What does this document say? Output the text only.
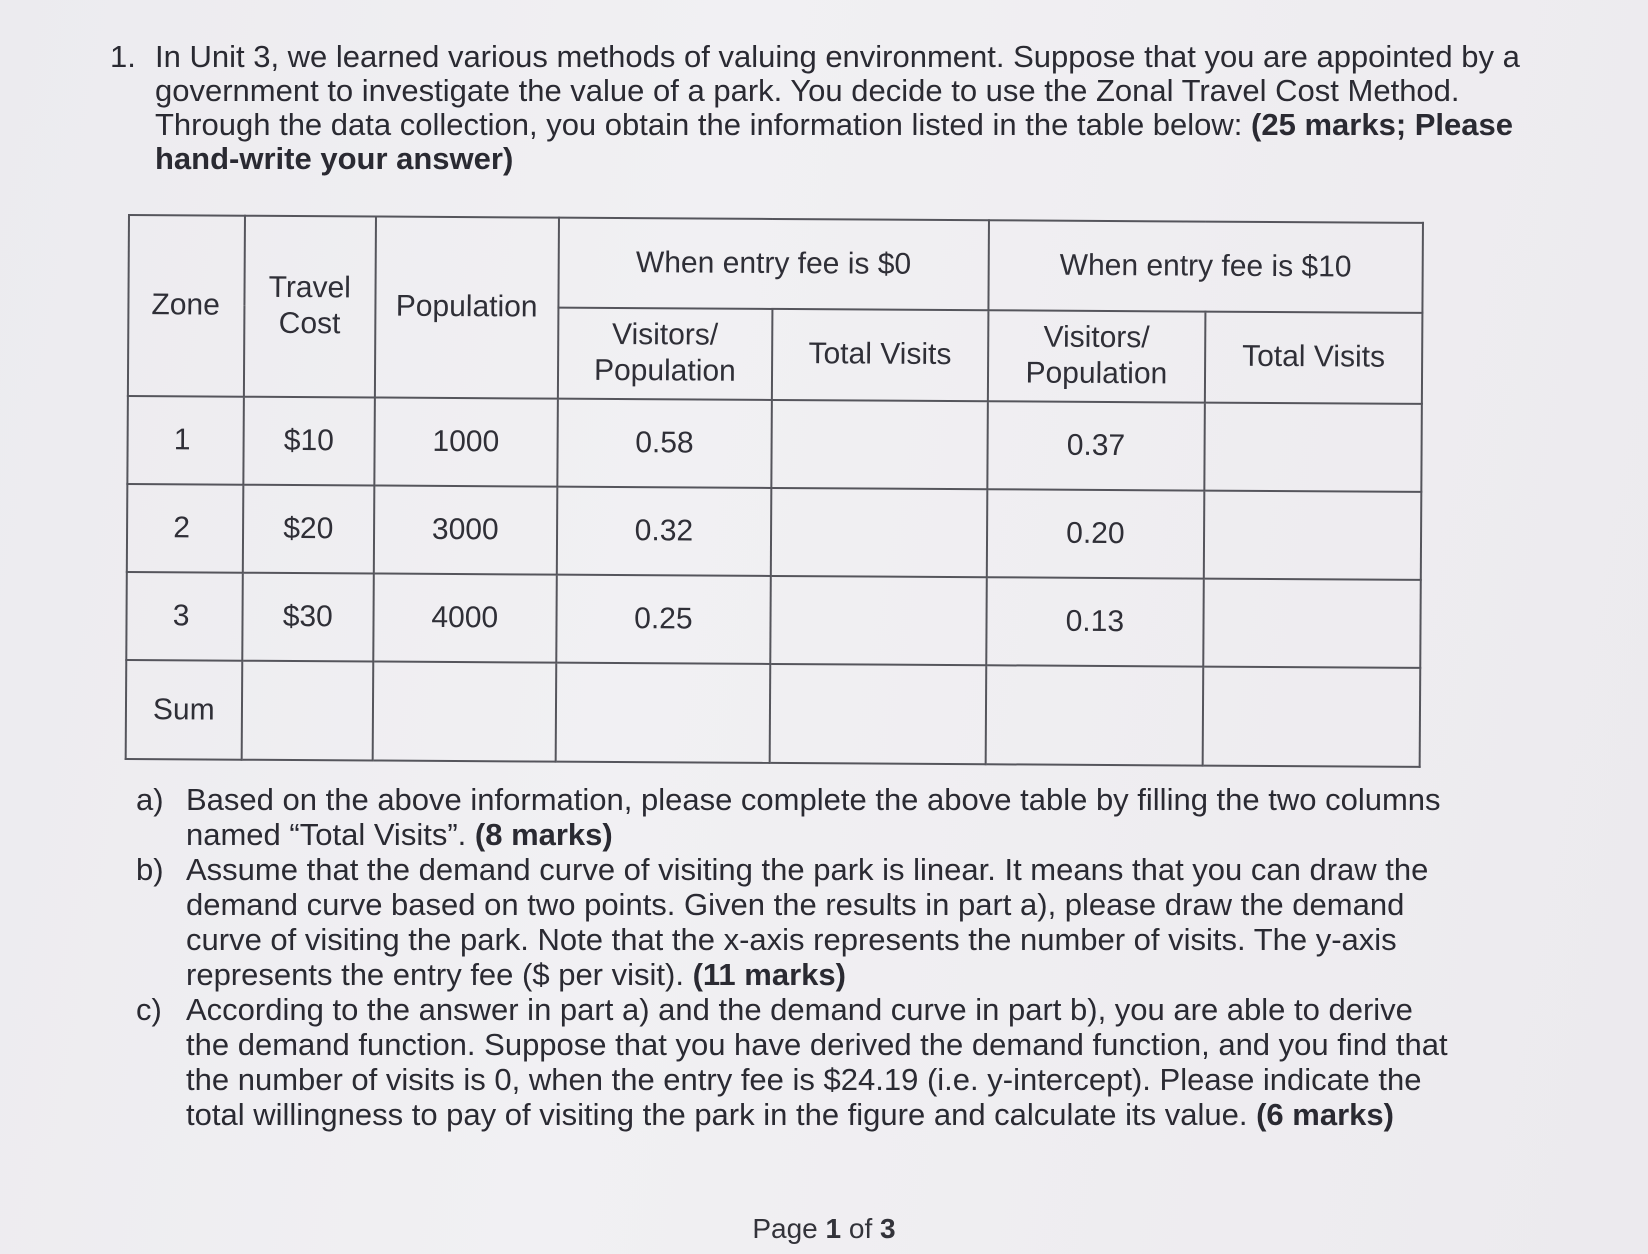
1. In Unit 3, we learned various methods of valuing environment. Suppose that you are appointed by a government to investigate the value of a park. You decide to use the Zonal Travel Cost Method. Through the data collection, you obtain the information listed in the table below: (25 marks; Please hand-write your answer)
Zone	Travel Cost	Population	When entry fee is $0		When entry fee is $10	
			Visitors/ Population	Total Visits	Visitors/ Population	Total Visits
1	$10	1000	0.58		0.37	
2	$20	3000	0.32		0.20	
3	$30	4000	0.25		0.13	
Sum						
a) Based on the above information, please complete the above table by filling the two columns named “Total Visits”. (8 marks)
b) Assume that the demand curve of visiting the park is linear. It means that you can draw the demand curve based on two points. Given the results in part a), please draw the demand curve of visiting the park. Note that the x-axis represents the number of visits. The y-axis represents the entry fee ($ per visit). (11 marks)
c) According to the answer in part a) and the demand curve in part b), you are able to derive the demand function. Suppose that you have derived the demand function, and you find that the number of visits is 0, when the entry fee is $24.19 (i.e. y-intercept). Please indicate the total willingness to pay of visiting the park in the figure and calculate its value. (6 marks)
Page 1 of 3
